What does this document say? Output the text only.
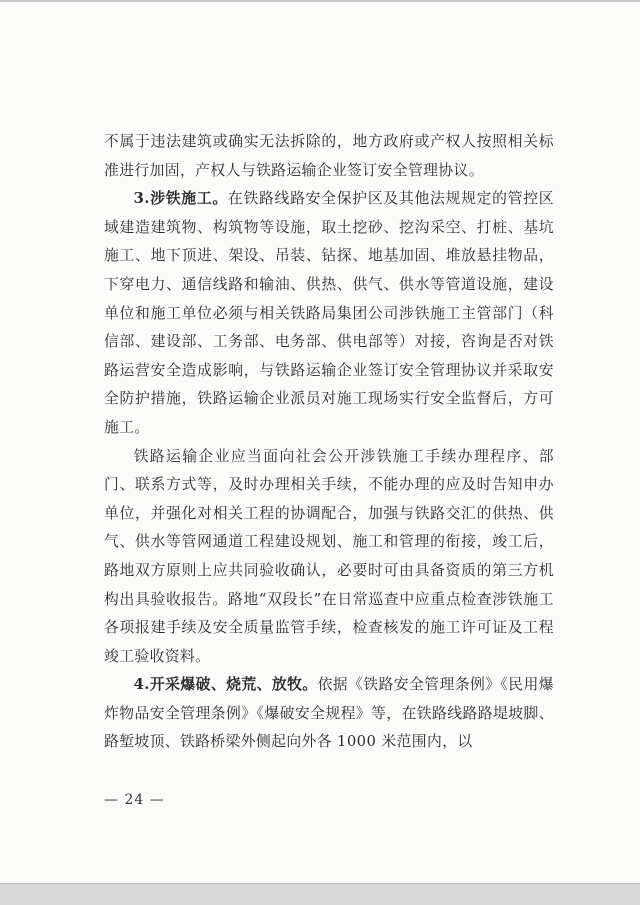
不属于违法建筑或确实无法拆除的，地方政府或产权人按照相关标准进行加固，产权人与铁路运输企业签订安全管理协议。

3.涉铁施工。在铁路线路安全保护区及其他法规规定的管控区域建造建筑物、构筑物等设施，取土挖砂、挖沟采空、打桩、基坑施工、地下顶进、架设、吊装、钻探、地基加固、堆放悬挂物品，下穿电力、通信线路和输油、供热、供气、供水等管道设施，建设单位和施工单位必须与相关铁路局集团公司涉铁施工主管部门（科信部、建设部、工务部、电务部、供电部等）对接，咨询是否对铁路运营安全造成影响，与铁路运输企业签订安全管理协议并采取安全防护措施，铁路运输企业派员对施工现场实行安全监督后，方可施工。

铁路运输企业应当面向社会公开涉铁施工手续办理程序、部门、联系方式等，及时办理相关手续，不能办理的应及时告知申办单位，并强化对相关工程的协调配合，加强与铁路交汇的供热、供气、供水等管网通道工程建设规划、施工和管理的衔接，竣工后，路地双方原则上应共同验收确认，必要时可由具备资质的第三方机构出具验收报告。路地“双段长”在日常巡查中应重点检查涉铁施工各项报建手续及安全质量监管手续，检查核发的施工许可证及工程竣工验收资料。

4.开采爆破、烧荒、放牧。依据《铁路安全管理条例》《民用爆炸物品安全管理条例》《爆破安全规程》等，在铁路线路路堤坡脚、路堑坡顶、铁路桥梁外侧起向外各 1000 米范围内，以

— 24 —
